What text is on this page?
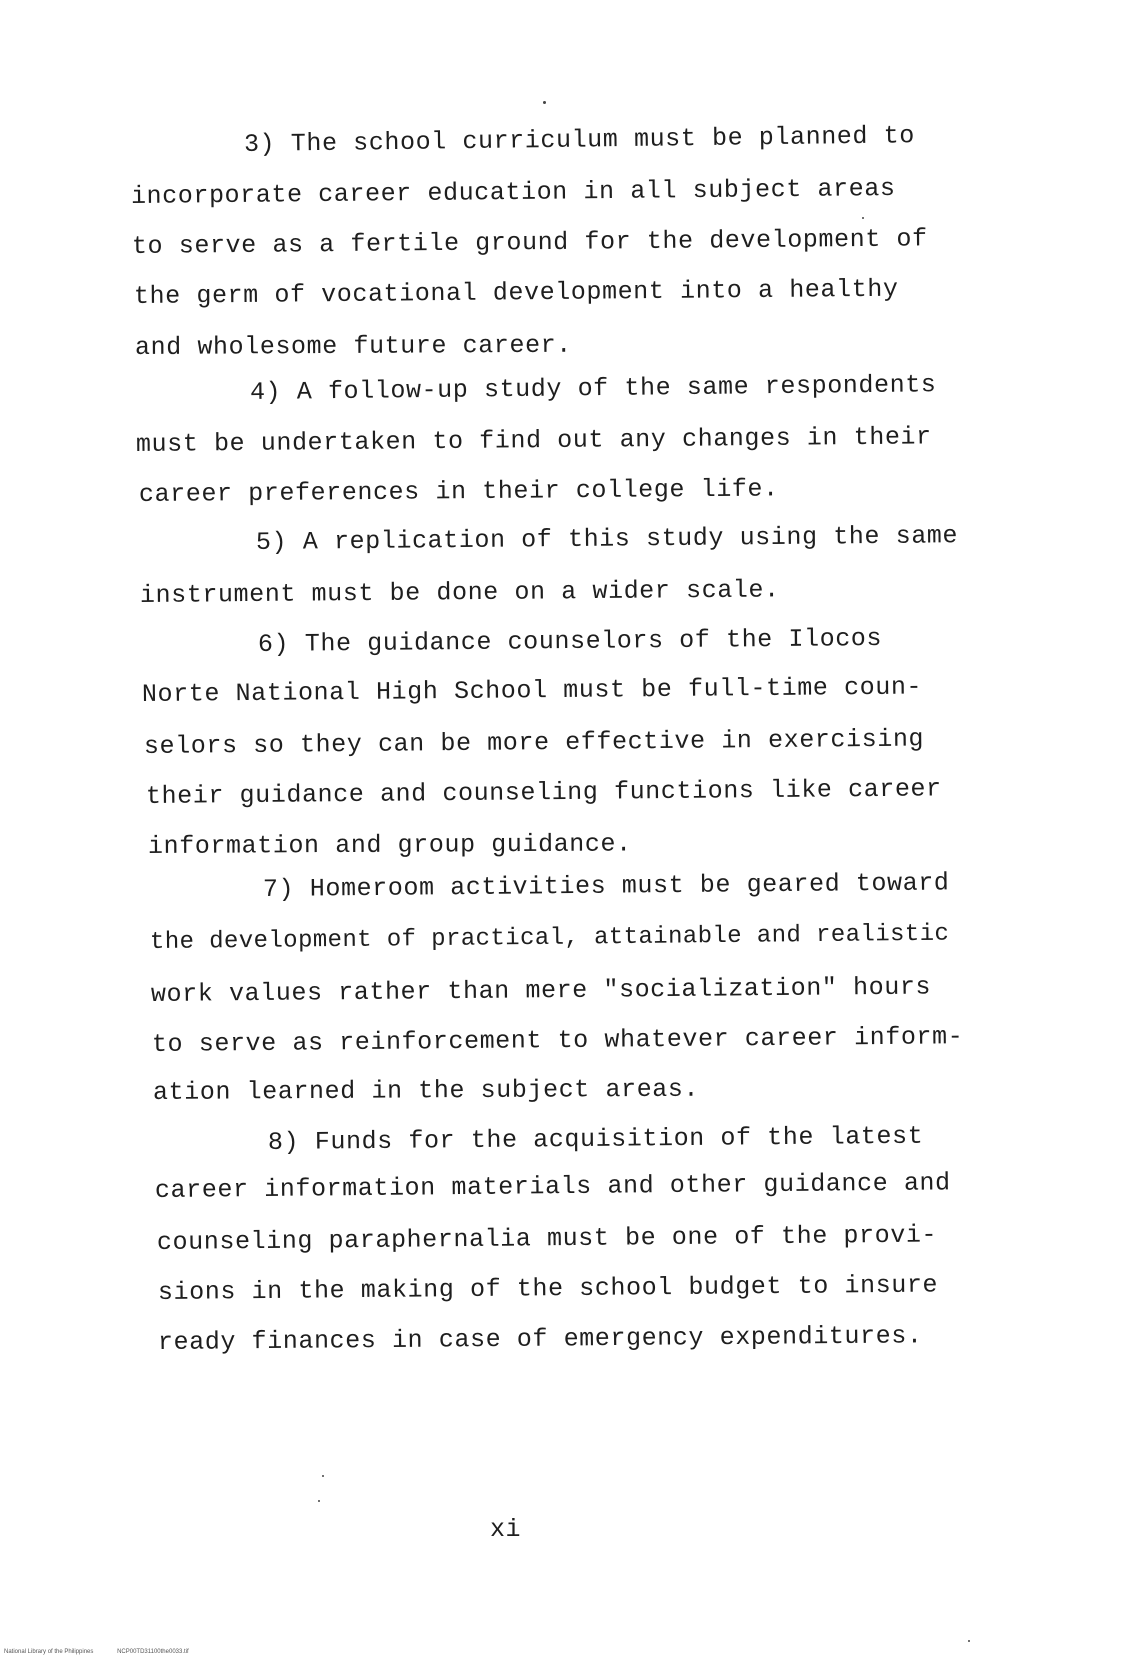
3) The school curriculum must be planned to
incorporate career education in all subject areas
to serve as a fertile ground for the development of
the germ of vocational development into a healthy
and wholesome future career.
4) A follow-up study of the same respondents
must be undertaken to find out any changes in their
career preferences in their college life.
5) A replication of this study using the same
instrument must be done on a wider scale.
6) The guidance counselors of the Ilocos
Norte National High School must be full-time coun-
selors so they can be more effective in exercising
their guidance and counseling functions like career
information and group guidance.
7) Homeroom activities must be geared toward
the development of practical, attainable and realistic
work values rather than mere "socialization" hours
to serve as reinforcement to whatever career inform-
ation learned in the subject areas.
8) Funds for the acquisition of the latest
career information materials and other guidance and
counseling paraphernalia must be one of the provi-
sions in the making of the school budget to insure
ready finances in case of emergency expenditures.
xi
National Library of the Philippines	NCP00TD31100the0033.tif
